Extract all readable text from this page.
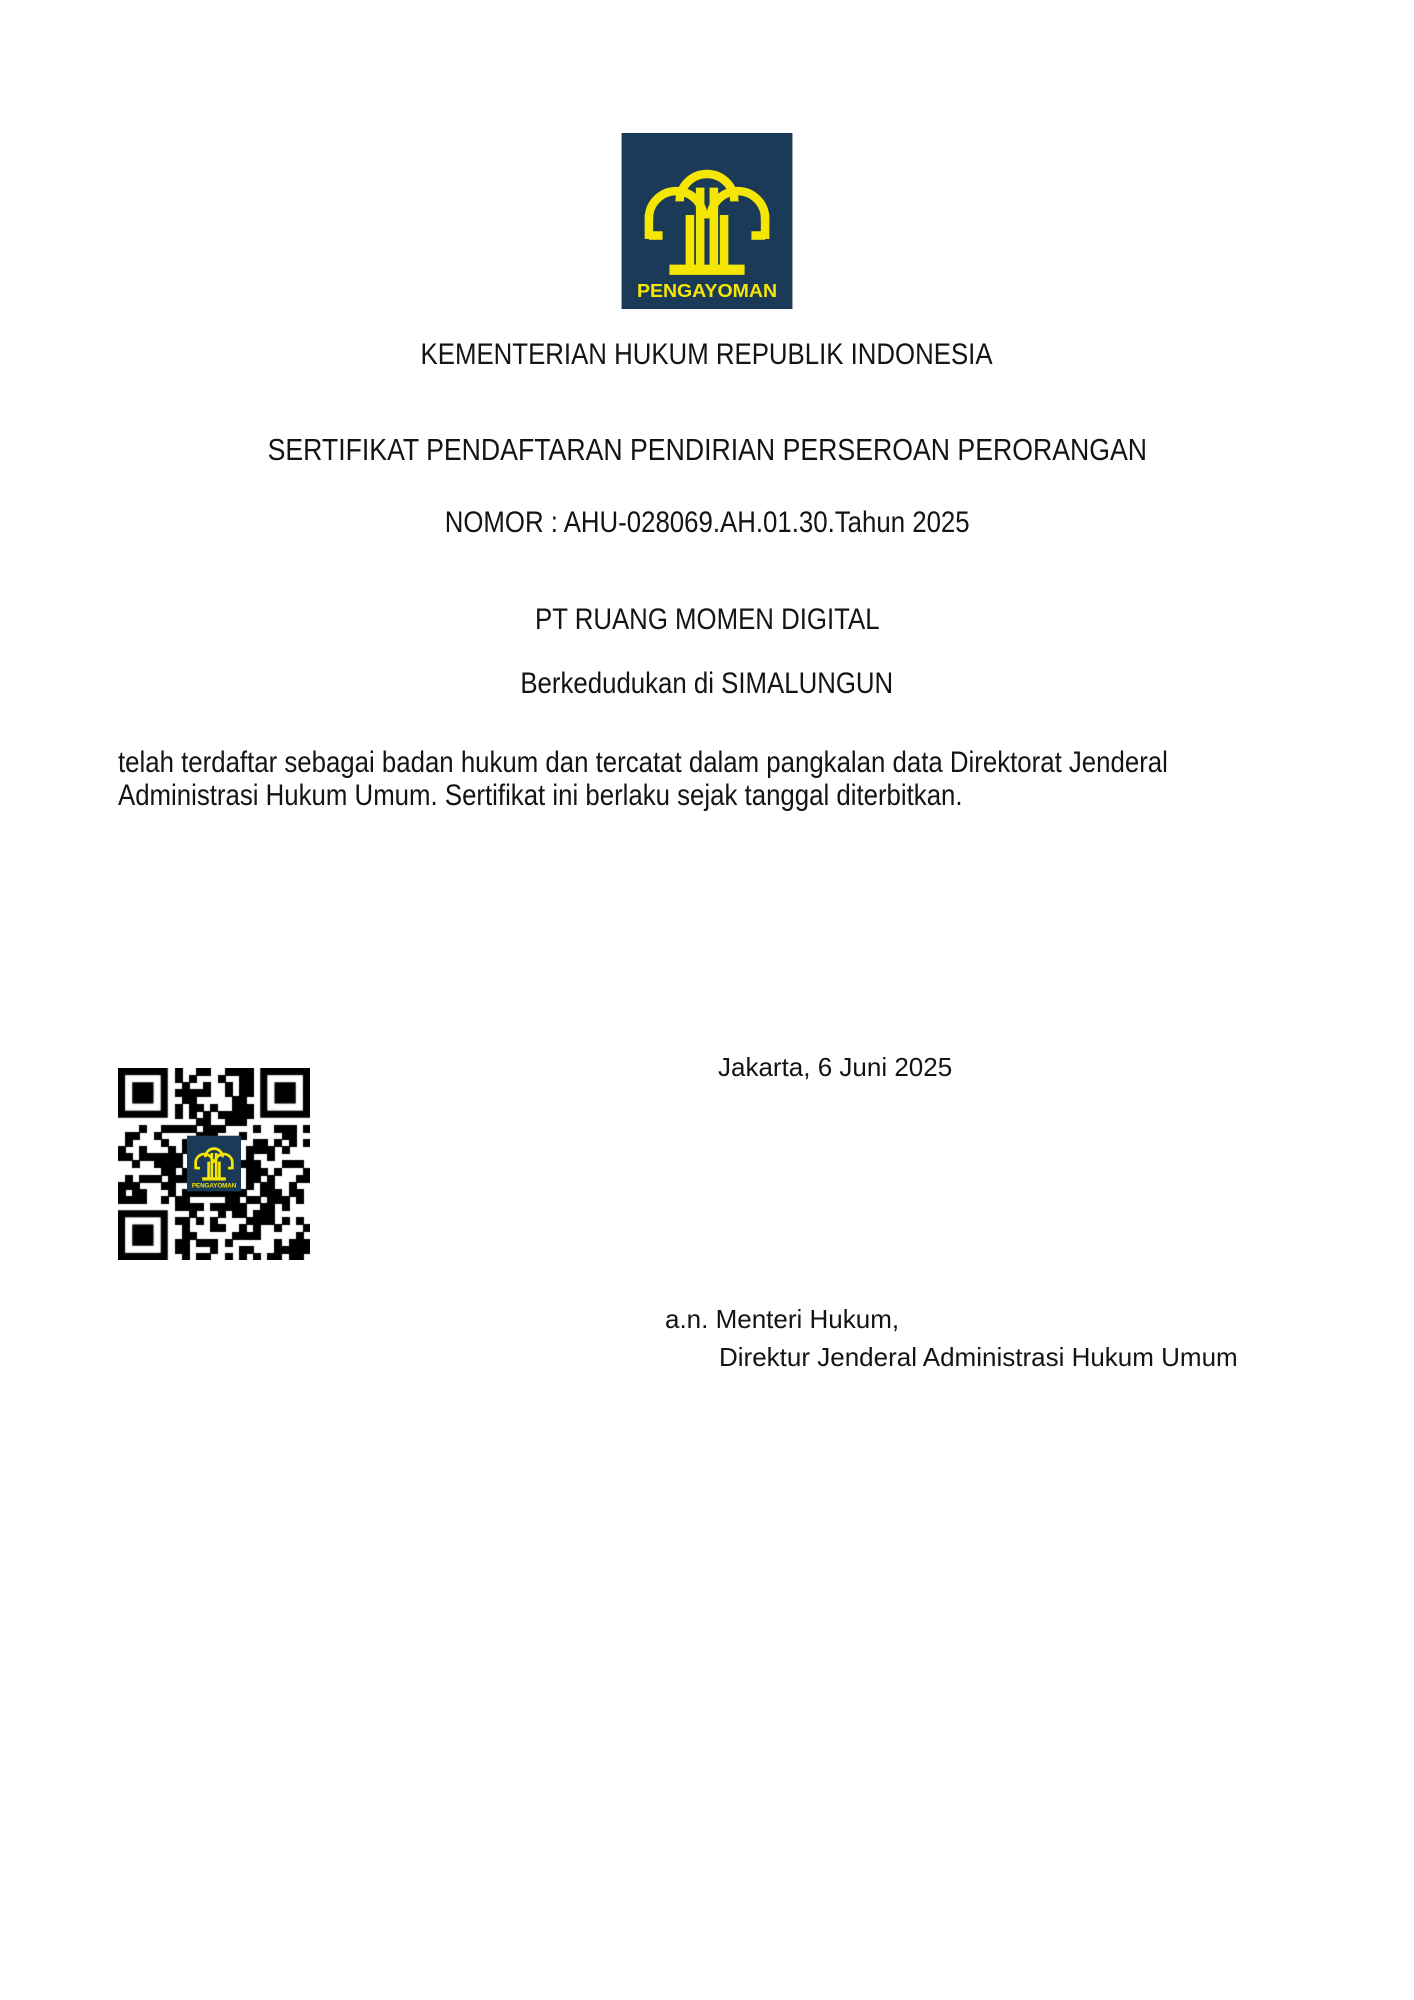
PENGAYOMAN
KEMENTERIAN HUKUM REPUBLIK INDONESIA
SERTIFIKAT PENDAFTARAN PENDIRIAN PERSEROAN PERORANGAN
NOMOR : AHU-028069.AH.01.30.Tahun 2025
PT RUANG MOMEN DIGITAL
Berkedudukan di SIMALUNGUN
telah terdaftar sebagai badan hukum dan tercatat dalam pangkalan data Direktorat Jenderal
Administrasi Hukum Umum. Sertifikat ini berlaku sejak tanggal diterbitkan.
Jakarta, 6 Juni 2025
PENGAYOMAN
a.n. Menteri Hukum,
Direktur Jenderal Administrasi Hukum Umum
